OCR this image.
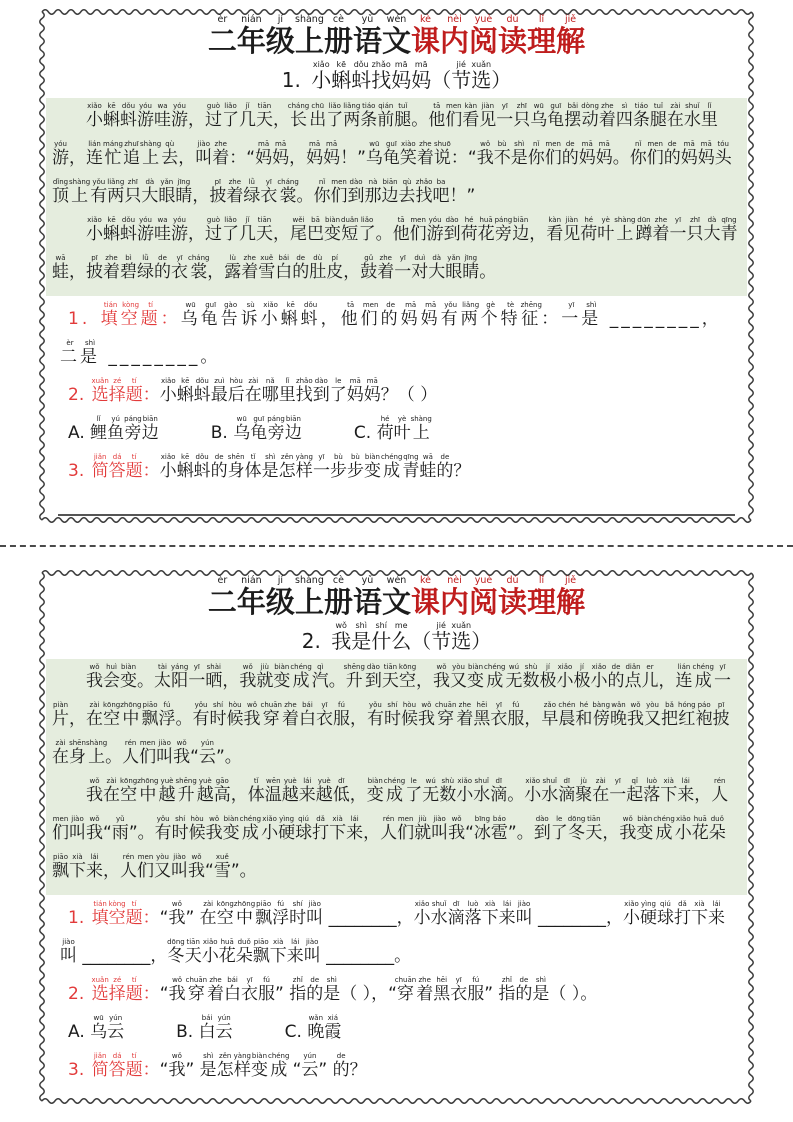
二èr年nián级jí上shàng册cè语yǔ文wén课kè内nèi阅yuè读dú理lǐ解jiě
1. 小xiǎo蝌kē蚪dǒu找zhǎo妈mā妈mā（节jié选xuǎn）

小xiǎo蝌kē蚪dǒu游yóu哇wa游yóu，过guò了liǎo几jǐ天tiān，长cháng出chū了liǎo两liǎng条tiáo前qián腿tuǐ。他tā们men看kàn见jiàn一yī只zhī乌wū龟guī摆bǎi动dòng着zhe四sì条tiáo腿tuǐ在zài水shuǐ里lǐ游yóu，连lián忙máng追zhuī上shàng去qù，叫jiào着zhe：“妈mā妈mā，妈mā妈mā！”乌wū龟guī笑xiào着zhe说shuō：“我wǒ不bù是shì你nǐ们men的de妈mā妈mā。你nǐ们men的de妈mā妈mā头tóu顶dǐng上shàng有yǒu两liǎng只zhī大dà眼yǎn睛jīng，披pī着zhe绿lǜ衣yī裳cháng。你nǐ们men到dào那nà边biān去qù找zhǎo吧ba！”

小xiǎo蝌kē蚪dǒu游yóu哇wa游yóu，过guò了liǎo几jǐ天tiān，尾wěi巴bā变biàn短duǎn了liǎo。他tā们men游yóu到dào荷hé花huā旁páng边biān，看kàn见jiàn荷hé叶yè上shàng蹲dūn着zhe一yī只zhī大dà青qīng蛙wā，披pī着zhe碧bì绿lǜ的de衣yī裳cháng，露lù着zhe雪xuě白bái的de肚dù皮pí，鼓gǔ着zhe一yī对duì大dà眼yǎn睛jīng。

1. 填tián空kòng题tí：乌wū龟guī告gào诉sù小xiǎo蝌kē蚪dǒu，他tā们men的de妈mā妈mā有yǒu两liǎng个gè特tè征zhēng：一yī是shì ________，二èr是shì ________。
2. 选xuǎn择zé题tí：小xiǎo蝌kē蚪dǒu最zuì后hòu在zài哪nǎ里lǐ找zhǎo到dào了le妈mā妈mā？（ ）
A. 鲤lǐ鱼yú旁páng边biān
B. 乌wū龟guī旁páng边biān
C. 荷hé叶yè上shàng
3. 简jiǎn答dá题tí：小xiǎo蝌kē蚪dǒu的de身shēn体tǐ是shì怎zěn样yàng一yī步bù步bù变biàn成chéng青qīng蛙wā的de？
二èr年nián级jí上shàng册cè语yǔ文wén课kè内nèi阅yuè读dú理lǐ解jiě
2. 我wǒ是shì什shí么me（节jié选xuǎn）

我wǒ会huì变biàn。太tài阳yáng一yī晒shài，我wǒ就jiù变biàn成chéng汽qì。升shēng到dào天tiān空kōng，我wǒ又yòu变biàn成chéng无wú数shù极jí小xiǎo极jí小xiǎo的de点diǎn儿er，连lián成chéng一yī片piàn，在zài空kōng中zhōng飘piāo浮fú。有yǒu时shí候hòu我wǒ穿chuān着zhe白bái衣yī服fú，有yǒu时shí候hòu我wǒ穿chuān着zhe黑hēi衣yī服fú，早zǎo晨chén和hé傍bàng晚wǎn我wǒ又yòu把bǎ红hóng袍páo披pī在zài身shēn上shàng。人rén们men叫jiào我wǒ“云yún”。

我wǒ在zài空kōng中zhōng越yuè升shēng越yuè高gāo，体tǐ温wēn越yuè来lái越yuè低dī，变biàn成chéng了le无wú数shù小xiǎo水shuǐ滴dī。小xiǎo水shuǐ滴dī聚jù在zài一yī起qǐ落luò下xià来lái，人rén们men叫jiào我wǒ“雨yǔ”。有yǒu时shí候hòu我wǒ变biàn成chéng小xiǎo硬yìng球qiú打dǎ下xià来lái，人rén们men就jiù叫jiào我wǒ“冰bīng雹báo”。到dào了le冬dōng天tiān，我wǒ变biàn成chéng小xiǎo花huā朵duǒ飘piāo下xià来lái，人rén们men又yòu叫jiào我wǒ“雪xuě”。

1. 填tián空kòng题tí：“我wǒ” 在zài空kōng中zhōng飘piāo浮fú时shí叫jiào ________，小xiǎo水shuǐ滴dī落luò下xià来lái叫jiào ________，小xiǎo硬yìng球qiú打dǎ下xià来lái叫jiào ________，冬dōng天tiān小xiǎo花huā朵duǒ飘piāo下xià来lái叫jiào ________。
2. 选xuǎn择zé题tí：“我wǒ穿chuān着zhe白bái衣yī服fú” 指zhǐ的de是shì（ ），“穿chuān着zhe黑hēi衣yī服fú” 指zhǐ的de是shì（ ）。
A. 乌wū云yún
B. 白bái云yún
C. 晚wǎn霞xiá
3. 简jiǎn答dá题tí：“我wǒ” 是shì怎zěn样yàng变biàn成chéng “云yún” 的de？
